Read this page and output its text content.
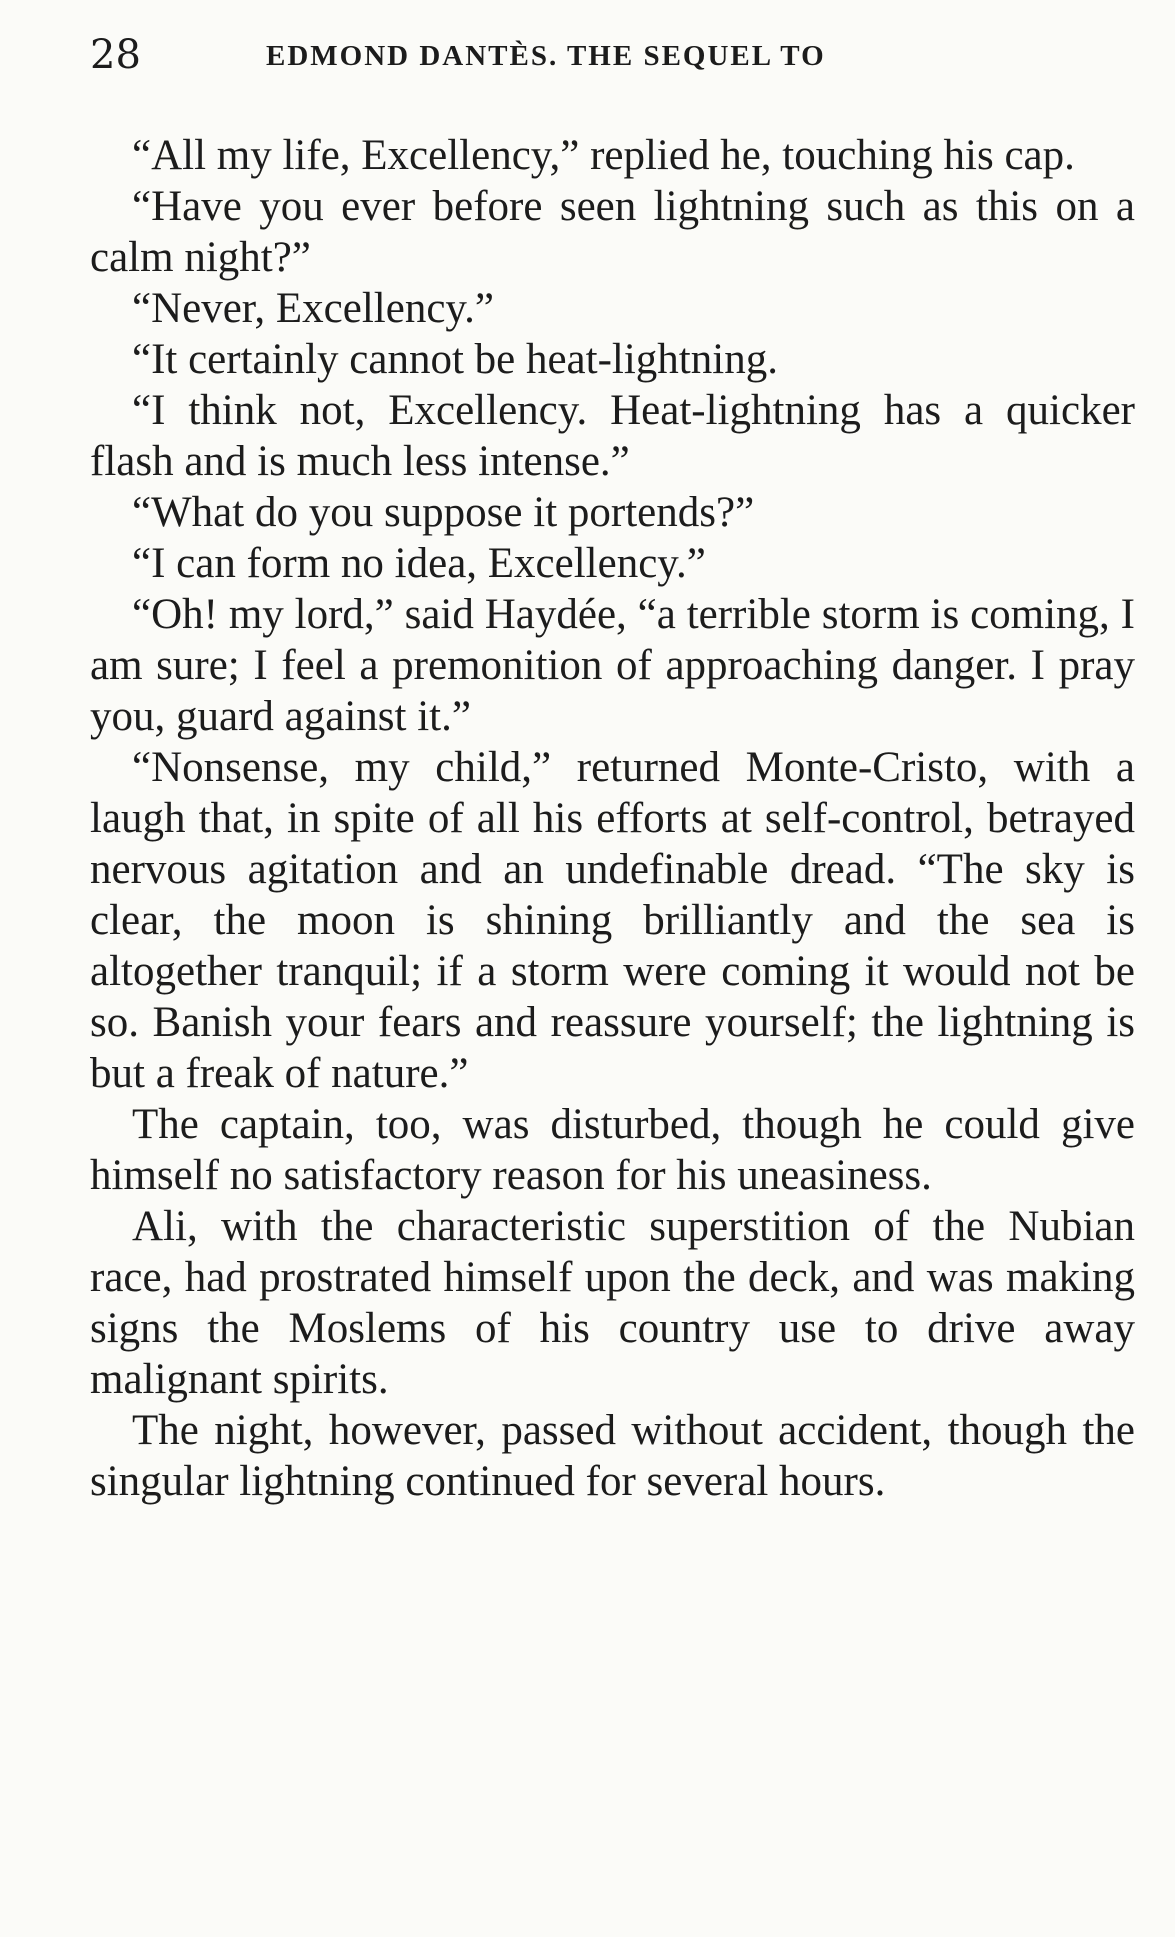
28	EDMOND DANTÈS. THE SEQUEL TO

“All my life, Excellency,” replied he, touching his cap.

“Have you ever before seen lightning such as this on a calm night?”

“Never, Excellency.”

“It certainly cannot be heat-lightning.

“I think not, Excellency. Heat-lightning has a quicker flash and is much less intense.”

“What do you suppose it portends?”

“I can form no idea, Excellency.”

“Oh! my lord,” said Haydée, “a terrible storm is coming, I am sure; I feel a premonition of approaching danger. I pray you, guard against it.”

“Nonsense, my child,” returned Monte-Cristo, with a laugh that, in spite of all his efforts at self-control, betrayed nervous agitation and an undefinable dread. “The sky is clear, the moon is shining brilliantly and the sea is altogether tranquil; if a storm were coming it would not be so. Banish your fears and reassure yourself; the lightning is but a freak of nature.”

The captain, too, was disturbed, though he could give himself no satisfactory reason for his uneasiness.

Ali, with the characteristic superstition of the Nubian race, had prostrated himself upon the deck, and was making signs the Moslems of his country use to drive away malignant spirits.

The night, however, passed without accident, though the singular lightning continued for several hours.
